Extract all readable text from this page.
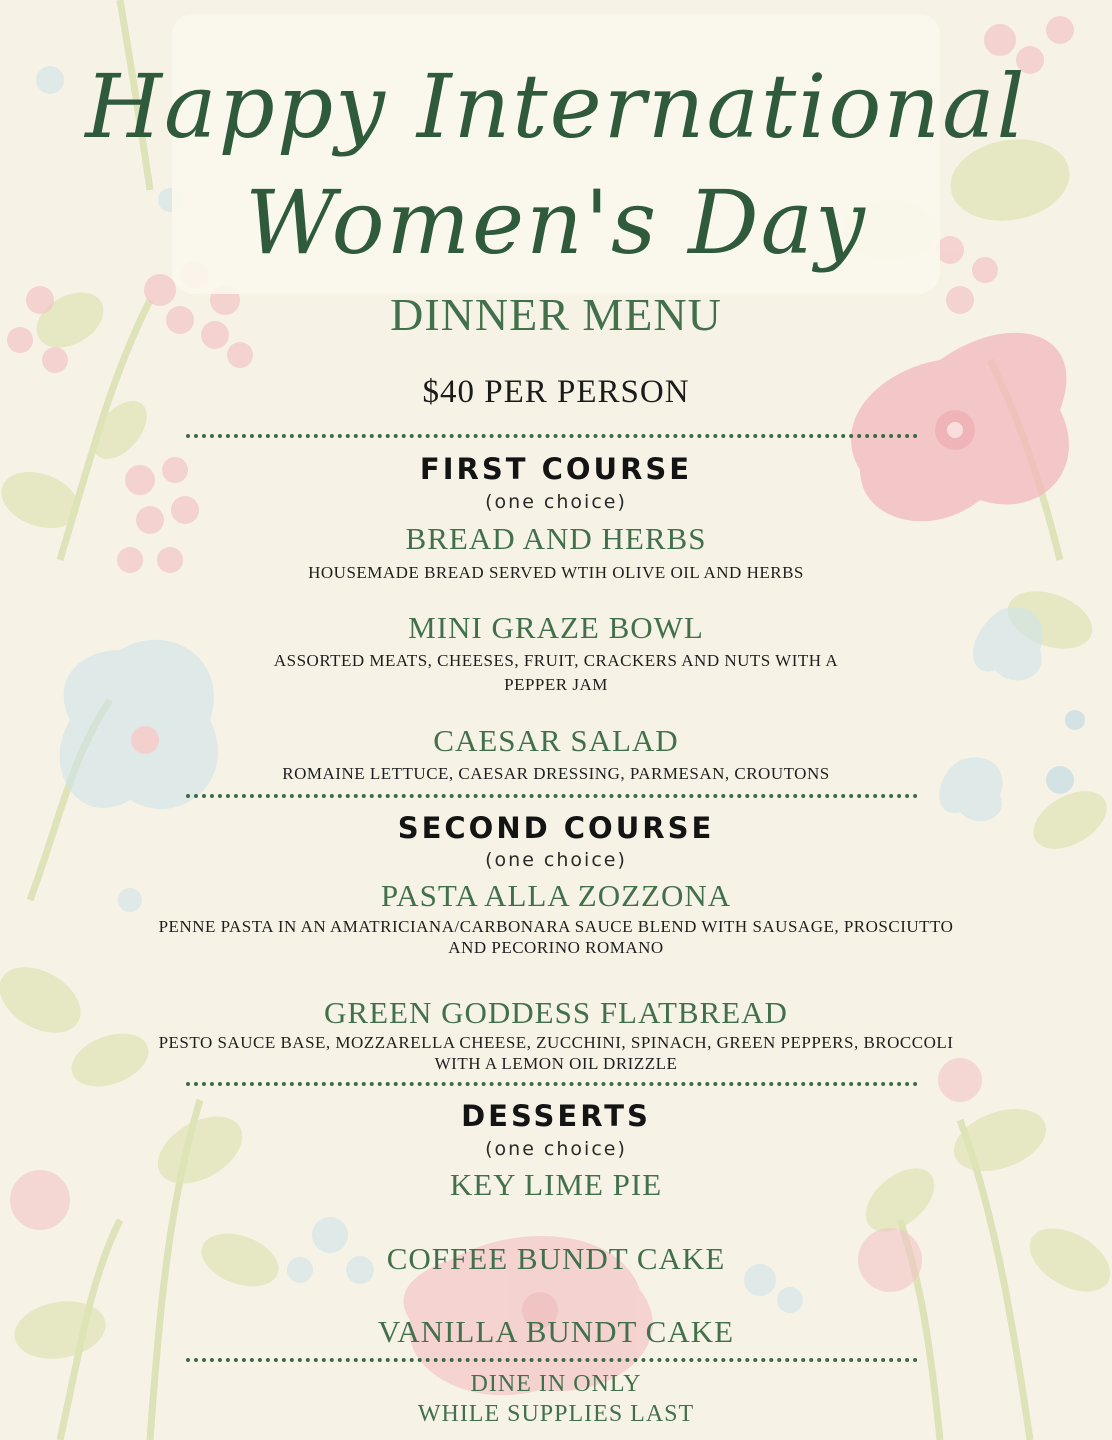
Happy International
Women's Day
DINNER MENU
$40 PER PERSON
FIRST COURSE
(one choice)
BREAD AND HERBS
HOUSEMADE BREAD SERVED WTIH OLIVE OIL AND HERBS
MINI GRAZE BOWL
ASSORTED MEATS, CHEESES, FRUIT, CRACKERS AND NUTS WITH A
PEPPER JAM
CAESAR SALAD
ROMAINE LETTUCE, CAESAR DRESSING, PARMESAN, CROUTONS
SECOND COURSE
(one choice)
PASTA ALLA ZOZZONA
PENNE PASTA IN AN AMATRICIANA/CARBONARA SAUCE BLEND WITH SAUSAGE, PROSCIUTTO
AND PECORINO ROMANO
GREEN GODDESS FLATBREAD
PESTO SAUCE BASE, MOZZARELLA CHEESE, ZUCCHINI, SPINACH, GREEN PEPPERS, BROCCOLI
WITH A LEMON OIL DRIZZLE
DESSERTS
(one choice)
KEY LIME PIE
COFFEE BUNDT CAKE
VANILLA BUNDT CAKE
DINE IN ONLY
WHILE SUPPLIES LAST
